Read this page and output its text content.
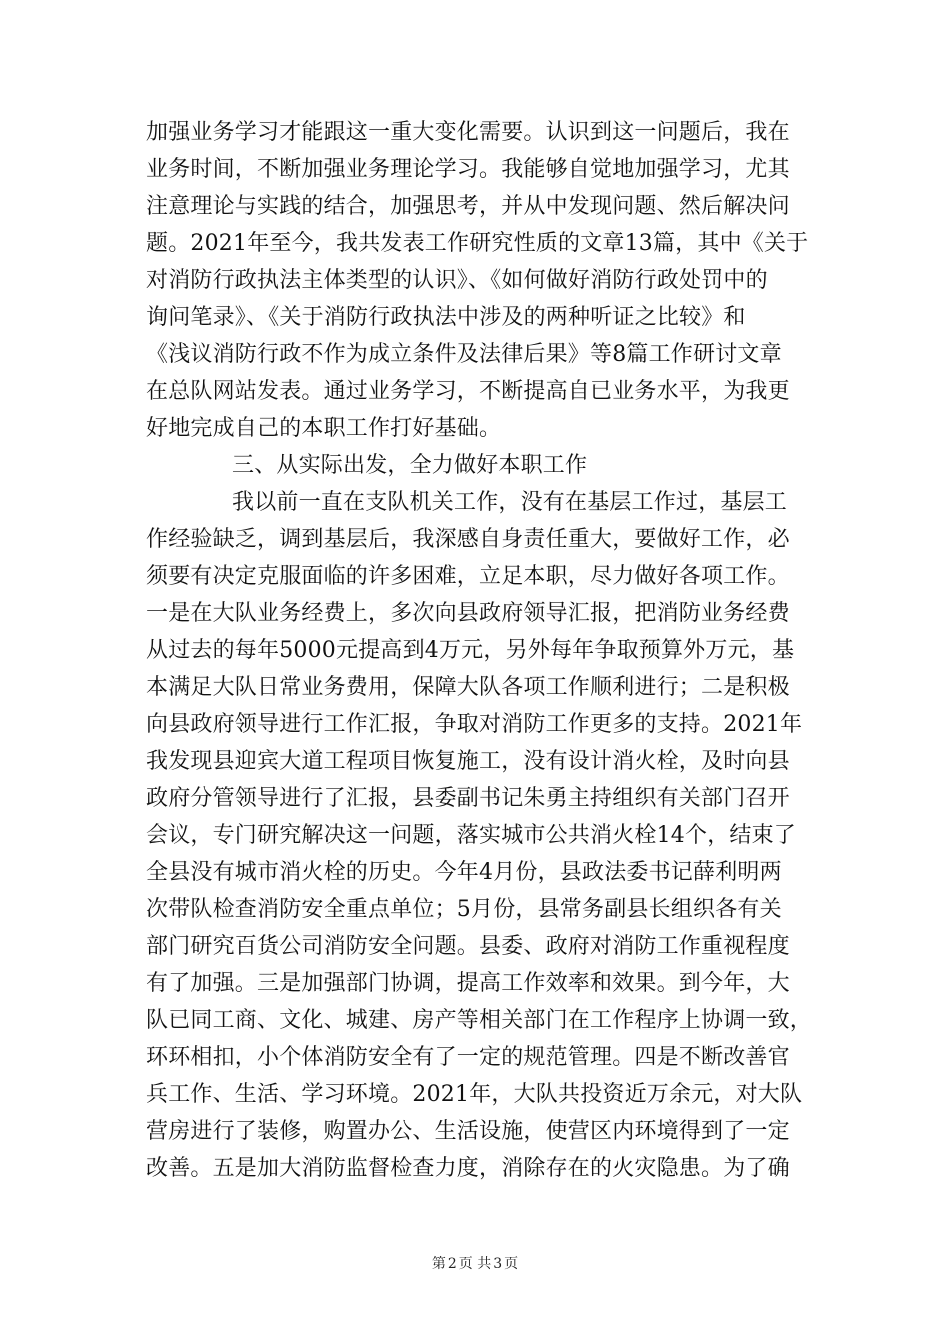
加强业务学习才能跟这一重大变化需要。认识到这一问题后，我在
业务时间，不断加强业务理论学习。我能够自觉地加强学习，尤其
注意理论与实践的结合，加强思考，并从中发现问题、然后解决问
题。2021年至今，我共发表工作研究性质的文章13篇，其中《关于
对消防行政执法主体类型的认识》、《如何做好消防行政处罚中的
询问笔录》、《关于消防行政执法中涉及的两种听证之比较》和
《浅议消防行政不作为成立条件及法律后果》等8篇工作研讨文章
在总队网站发表。通过业务学习，不断提高自已业务水平，为我更
好地完成自己的本职工作打好基础。
三、从实际出发，全力做好本职工作
我以前一直在支队机关工作，没有在基层工作过，基层工
作经验缺乏，调到基层后，我深感自身责任重大，要做好工作，必
须要有决定克服面临的许多困难，立足本职，尽力做好各项工作。
一是在大队业务经费上，多次向县政府领导汇报，把消防业务经费
从过去的每年5000元提高到4万元，另外每年争取预算外万元，基
本满足大队日常业务费用，保障大队各项工作顺利进行；二是积极
向县政府领导进行工作汇报，争取对消防工作更多的支持。2021年
我发现县迎宾大道工程项目恢复施工，没有设计消火栓，及时向县
政府分管领导进行了汇报，县委副书记朱勇主持组织有关部门召开
会议，专门研究解决这一问题，落实城市公共消火栓14个，结束了
全县没有城市消火栓的历史。今年4月份，县政法委书记薛利明两
次带队检查消防安全重点单位；5月份，县常务副县长组织各有关
部门研究百货公司消防安全问题。县委、政府对消防工作重视程度
有了加强。三是加强部门协调，提高工作效率和效果。到今年，大
队已同工商、文化、城建、房产等相关部门在工作程序上协调一致，
环环相扣，小个体消防安全有了一定的规范管理。四是不断改善官
兵工作、生活、学习环境。2021年，大队共投资近万余元，对大队
营房进行了装修，购置办公、生活设施，使营区内环境得到了一定
改善。五是加大消防监督检查力度，消除存在的火灾隐患。为了确
第 2 页 共 3 页
